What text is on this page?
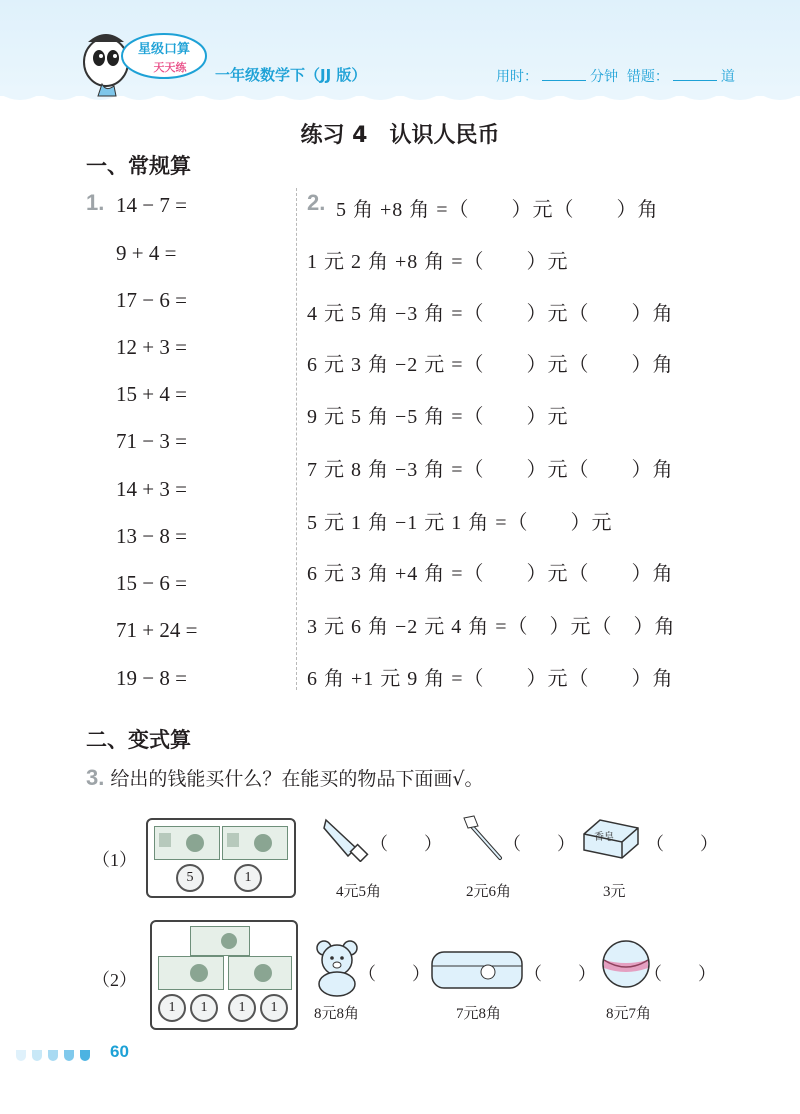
星级口算
天天练 一年级数学下（JJ 版）	用时：	分钟 错题：	道
练习 4　认识人民币
一、常规算
1. 14 − 7 =
9 + 4 =
17 − 6 =
12 + 3 =
15 + 4 =
71 − 3 =
14 + 3 =
13 − 8 =
15 − 6 =
71 + 24 =
19 − 8 =
2. 5 角 +8 角 =（　　）元（　　）角
1 元 2 角 +8 角 =（　　）元
4 元 5 角 −3 角 =（　　）元（　　）角
6 元 3 角 −2 元 =（　　）元（　　）角
9 元 5 角 −5 角 =（　　）元
7 元 8 角 −3 角 =（　　）元（　　）角
5 元 1 角 −1 元 1 角 =（　　）元
6 元 3 角 +4 角 =（　　）元（　　）角
3 元 6 角 −2 元 4 角 =（　）元（　）角
6 角 +1 元 9 角 =（　　）元（　　）角
二、变式算
3. 给出的钱能买什么？在能买的物品下面画√。
（1）
5	1
（　　）
4元5角
（　　）
2元6角
香皂 （　　）
3元
（2）
1	1	1	1
（　　）
8元8角
（　　）
7元8角
（　　）
8元7角
60
